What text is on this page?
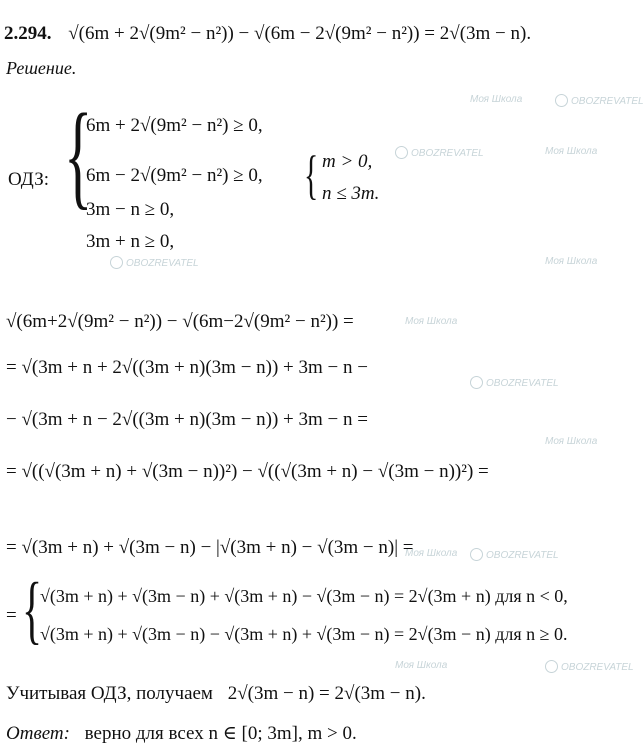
Моя Школа	OBOZREVATEL
OBOZREVATEL	Моя Школа
OBOZREVATEL	Моя Школа
Моя Школа
OBOZREVATEL
Моя Школа
Моя Школа	OBOZREVATEL
Моя Школа	OBOZREVATEL
2.294. √(6m + 2√(9m² − n²)) − √(6m − 2√(9m² − n²)) = 2√(3m − n).
Решение.
ОДЗ: {
6m + 2√(9m² − n²) ≥ 0,
6m − 2√(9m² − n²) ≥ 0,
3m − n ≥ 0,
3m + n ≥ 0,
{ m > 0,
n ≤ 3m.
√(6m+2√(9m² − n²)) − √(6m−2√(9m² − n²)) =
= √(3m + n + 2√((3m + n)(3m − n)) + 3m − n −
− √(3m + n − 2√((3m + n)(3m − n)) + 3m − n =
= √((√(3m + n) + √(3m − n))²) − √((√(3m + n) − √(3m − n))²) =
= √(3m + n) + √(3m − n) − |√(3m + n) − √(3m − n)| =
= {
√(3m + n) + √(3m − n) + √(3m + n) − √(3m − n) = 2√(3m + n) для n < 0,
√(3m + n) + √(3m − n) − √(3m + n) + √(3m − n) = 2√(3m − n) для n ≥ 0.
Учитывая ОДЗ, получаем 2√(3m − n) = 2√(3m − n).
Ответ: верно для всех n ∈ [0; 3m], m > 0.
